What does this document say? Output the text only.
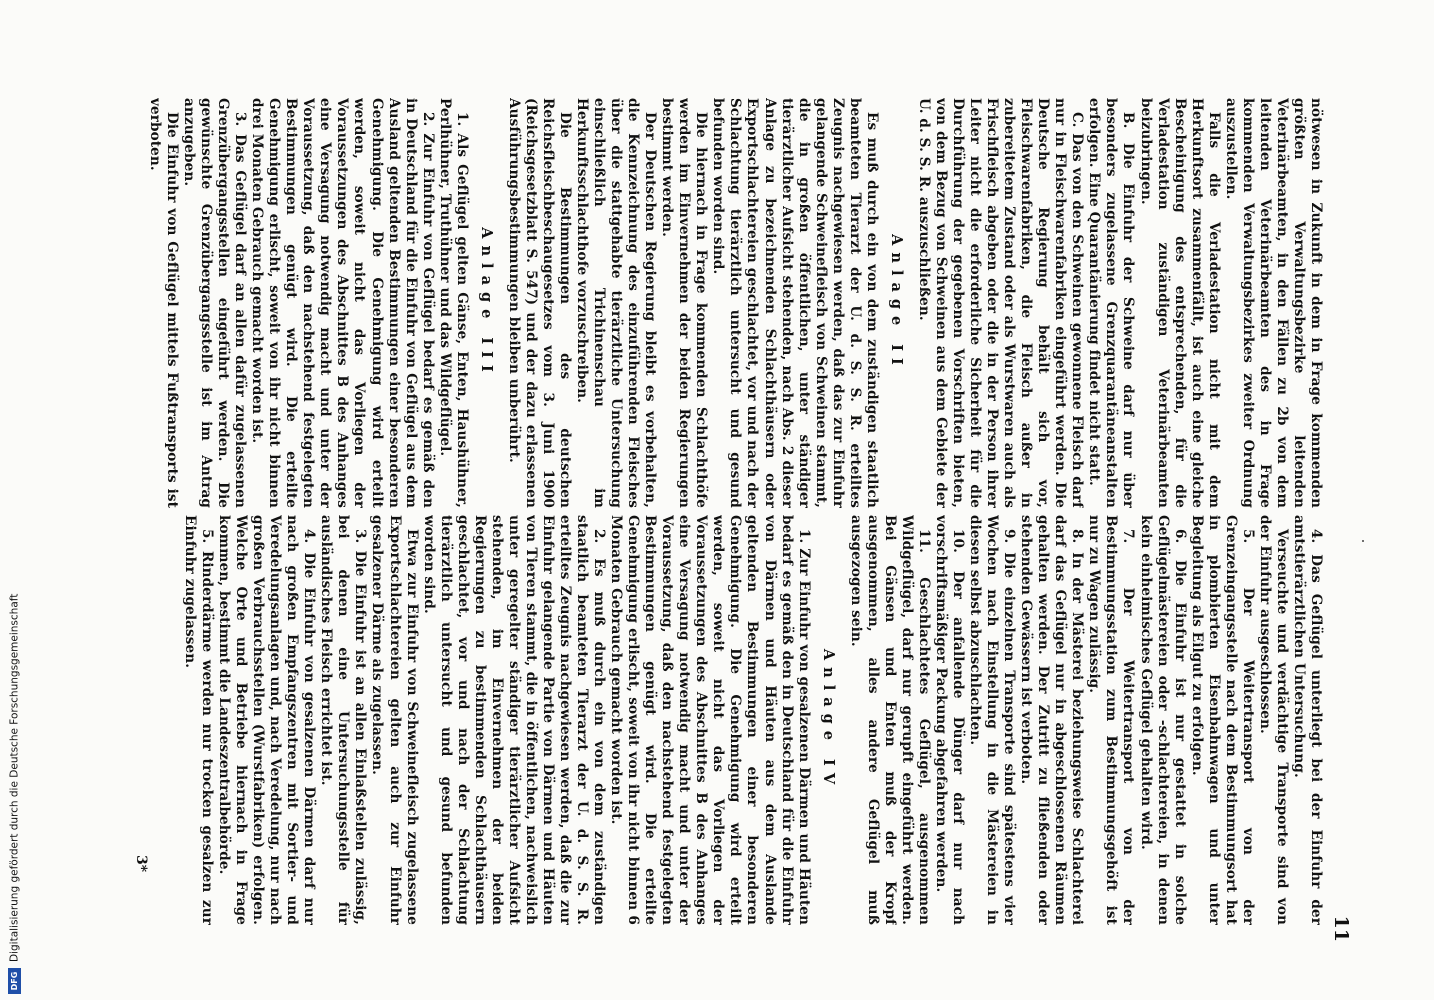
11

nötwesen in Zukunft in dem in Frage kommenden größten Verwaltungsbezirke leitenden Veterinärbeamten, in den Fällen zu 2b von dem leitenden Veterinärbeamten des in Frage kommenden Verwaltungsbezirkes zweiter Ordnung auszustellen.

Falls die Verladestation nicht mit dem Herkunftsort zusammenfällt, ist auch eine gleiche Bescheinigung des entsprechenden, für die Verladestation zuständigen Veterinärbeamten beizubringen.

B. Die Einfuhr der Schweine darf nur über besonders zugelassene Grenzquarantäneanstalten erfolgen. Eine Quarantänierung findet nicht statt.

C. Das von den Schweinen gewonnene Fleisch darf nur in Fleischwarenfabriken eingeführt werden. Die Deutsche Regierung behält sich vor, Fleischwarenfabriken, die Fleisch außer in zubereitetem Zustand oder als Wurstwaren auch als Frischfleisch abgeben oder die in der Person ihrer Leiter nicht die erforderliche Sicherheit für die Durchführung der gegebenen Vorschriften bieten, von dem Bezug von Schweinen aus dem Gebiete der U. d. S. S. R. auszuschließen.

Anlage II

Es muß durch ein von dem zuständigen staatlich beamteten Tierarzt der U. d. S. S. R. erteiltes Zeugnis nachgewiesen werden, daß das zur Einfuhr gelangende Schweinefleisch von Schweinen stammt, die in großen öffentlichen, unter ständiger tierärztlicher Aufsicht stehenden, nach Abs. 2 dieser Anlage zu bezeichnenden Schlachthäusern oder Exportschlachtereien geschlachtet, vor und nach der Schlachtung tierärztlich untersucht und gesund befunden worden sind.

Die hiernach in Frage kommenden Schlachthöfe werden im Einvernehmen der beiden Regierungen bestimmt werden.

Der Deutschen Regierung bleibt es vorbehalten, die Kennzeichnung des einzuführenden Fleisches über die stattgehabte tierärztliche Untersuchung einschließlich Trichinenschau im Herkunftsschlachthofe vorzuschreiben.

Die Bestimmungen des deutschen Reichsfleischbeschaugesetzes vom 3. Juni 1900 (Reichsgesetzblatt S. 547) und der dazu erlassenen Ausführungsbestimmungen bleiben unberührt.

Anlage III

1. Als Geflügel gelten Gänse, Enten, Haushühner, Perlhühner, Truthühner und das Wildgeflügel.

2. Zur Einfuhr von Geflügel bedarf es gemäß den in Deutschland für die Einfuhr von Geflügel aus dem Ausland geltenden Bestimmungen einer besonderen Genehmigung. Die Genehmigung wird erteilt werden, soweit nicht das Vorliegen der Voraussetzungen des Abschnittes B des Anhanges eine Versagung notwendig macht und unter der Voraussetzung, daß den nachstehend festgelegten Bestimmungen genügt wird. Die erteilte Genehmigung erlischt, soweit von ihr nicht binnen drei Monaten Gebrauch gemacht worden ist.

3. Das Geflügel darf an allen dafür zugelassenen Grenzübergangsstellen eingeführt werden. Die gewünschte Grenzübergangsstelle ist im Antrag anzugeben.

Die Einfuhr von Geflügel mittels Fußtransports ist verboten.

4. Das Geflügel unterliegt bei der Einfuhr der amtstierärztlichen Untersuchung.

Verseuchte und verdächtige Transporte sind von der Einfuhr ausgeschlossen.

5. Der Weitertransport von der Grenzeingangsstelle nach dem Bestimmungsort hat in plombierten Eisenbahnwagen und unter Begleitung als Eilgut zu erfolgen.

6. Die Einfuhr ist nur gestattet in solche Geflügelmästereien oder -schlachtereien, in denen kein einheimisches Geflügel gehalten wird.

7. Der Weitertransport von der Bestimmungsstation zum Bestimmungsgehöft ist nur zu Wagen zulässig.

8. In der Mästerei beziehungsweise Schlachterei darf das Geflügel nur in abgeschlossenen Räumen gehalten werden. Der Zutritt zu fließenden oder stehenden Gewässern ist verboten.

9. Die einzelnen Transporte sind spätestens vier Wochen nach Einstellung in die Mästereien in diesen selbst abzuschlachten.

10. Der anfallende Dünger darf nur nach vorschriftsmäßiger Packung abgefahren werden.

11. Geschlachtetes Geflügel, ausgenommen Wildgeflügel, darf nur gerupft eingeführt werden. Bei Gänsen und Enten muß der Kropf ausgenommen, alles andere Geflügel muß ausgezogen sein.

Anlage IV

1. Zur Einfuhr von gesalzenen Därmen und Häuten bedarf es gemäß den in Deutschland für die Einfuhr von Därmen und Häuten aus dem Auslande geltenden Bestimmungen einer besonderen Genehmigung. Die Genehmigung wird erteilt werden, soweit nicht das Vorliegen der Voraussetzungen des Abschnittes B des Anhanges eine Versagung notwendig macht und unter der Voraussetzung, daß den nachstehend festgelegten Bestimmungen genügt wird. Die erteilte Genehmigung erlischt, soweit von ihr nicht binnen 6 Monaten Gebrauch gemacht worden ist.

2. Es muß durch ein von dem zuständigen staatlich beamteten Tierarzt der U. d. S. S. R. erteiltes Zeugnis nachgewiesen werden, daß die zur Einfuhr gelangende Partie von Därmen und Häuten von Tieren stammt, die in öffentlichen, nachweislich unter geregelter ständiger tierärztlicher Aufsicht stehenden, im Einvernehmen der beiden Regierungen zu bestimmenden Schlachthäusern geschlachtet, vor und nach der Schlachtung tierärztlich untersucht und gesund befunden worden sind.

Etwa zur Einfuhr von Schweinefleisch zugelassene Exportschlachtereien gelten auch zur Einfuhr gesalzener Därme als zugelassen.

3. Die Einfuhr ist an allen Einlaßstellen zulässig, bei denen eine Untersuchungsstelle für ausländisches Fleisch errichtet ist.

4. Die Einfuhr von gesalzenen Därmen darf nur nach großen Empfangszentren mit Sortier- und Veredelungsanlagen und, nach Veredelung, nur nach großen Verbrauchsstellen (Wurstfabriken) erfolgen. Welche Orte und Betriebe hiernach in Frage kommen, bestimmt die Landeszentralbehörde.

5. Rinderdärme werden nur trocken gesalzen zur Einfuhr zugelassen.

3*
DFGDigitalisierung gefördert durch die Deutsche Forschungsgemeinschaft
